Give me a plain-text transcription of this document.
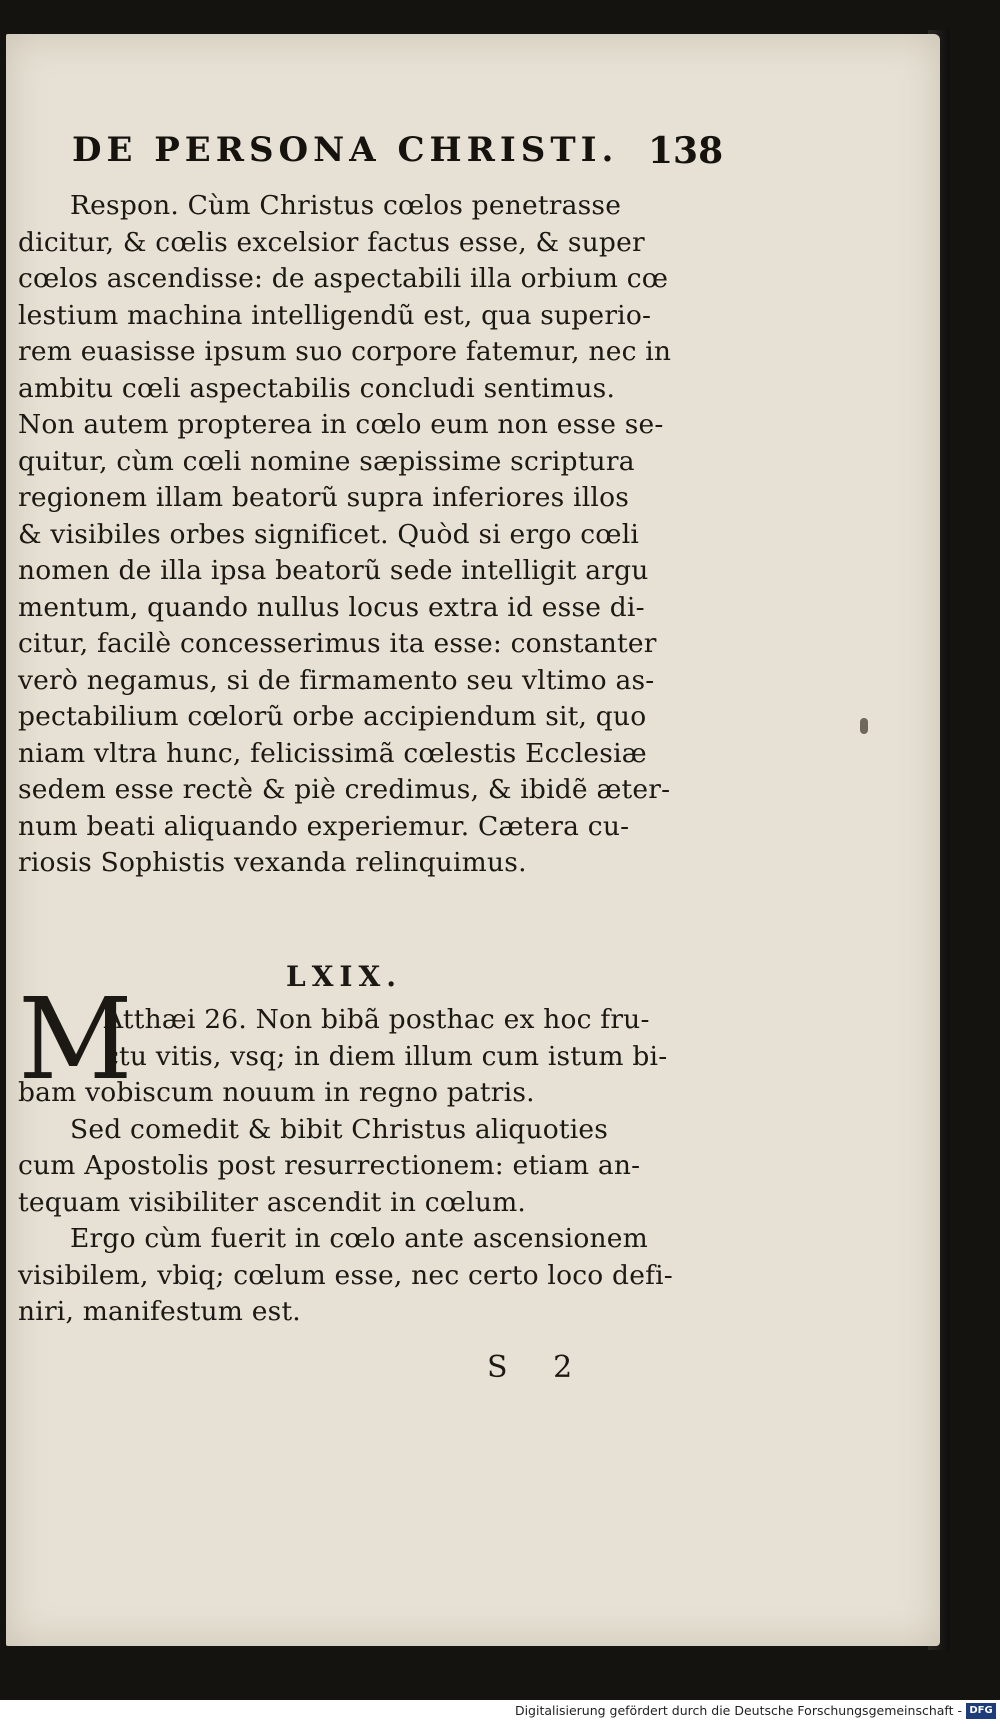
DE PERSONA CHRISTI. 138
Respon. Cùm Christus cœlos penetrasse
dicitur, & cœlis excelsior factus esse, & super
cœlos ascendisse: de aspectabili illa orbium cœ
lestium machina intelligendũ est, qua superio-
rem euasisse ipsum suo corpore fatemur, nec in
ambitu cœli aspectabilis concludi sentimus.
Non autem propterea in cœlo eum non esse se-
quitur, cùm cœli nomine sæpissime scriptura
regionem illam beatorũ supra inferiores illos
& visibiles orbes significet. Quòd si ergo cœli
nomen de illa ipsa beatorũ sede intelligit argu
mentum, quando nullus locus extra id esse di-
citur, facilè concesserimus ita esse: constanter
verò negamus, si de firmamento seu vltimo as-
pectabilium cœlorũ orbe accipiendum sit, quo
niam vltra hunc, felicissimã cœlestis Ecclesiæ
sedem esse rectè & piè credimus, & ibidẽ æter-
num beati aliquando experiemur. Cætera cu-
riosis Sophistis vexanda relinquimus.
LXIX.
M
Atthæi 26. Non bibã posthac ex hoc fru-
ctu vitis, vsq; in diem illum cum istum bi-
bam vobiscum nouum in regno patris.
Sed comedit & bibit Christus aliquoties
cum Apostolis post resurrectionem: etiam an-
tequam visibiliter ascendit in cœlum.
Ergo cùm fuerit in cœlo ante ascensionem
visibilem, vbiq; cœlum esse, nec certo loco defi-
niri, manifestum est.
S 2
Digitalisierung gefördert durch die Deutsche Forschungsgemeinschaft - DFG
